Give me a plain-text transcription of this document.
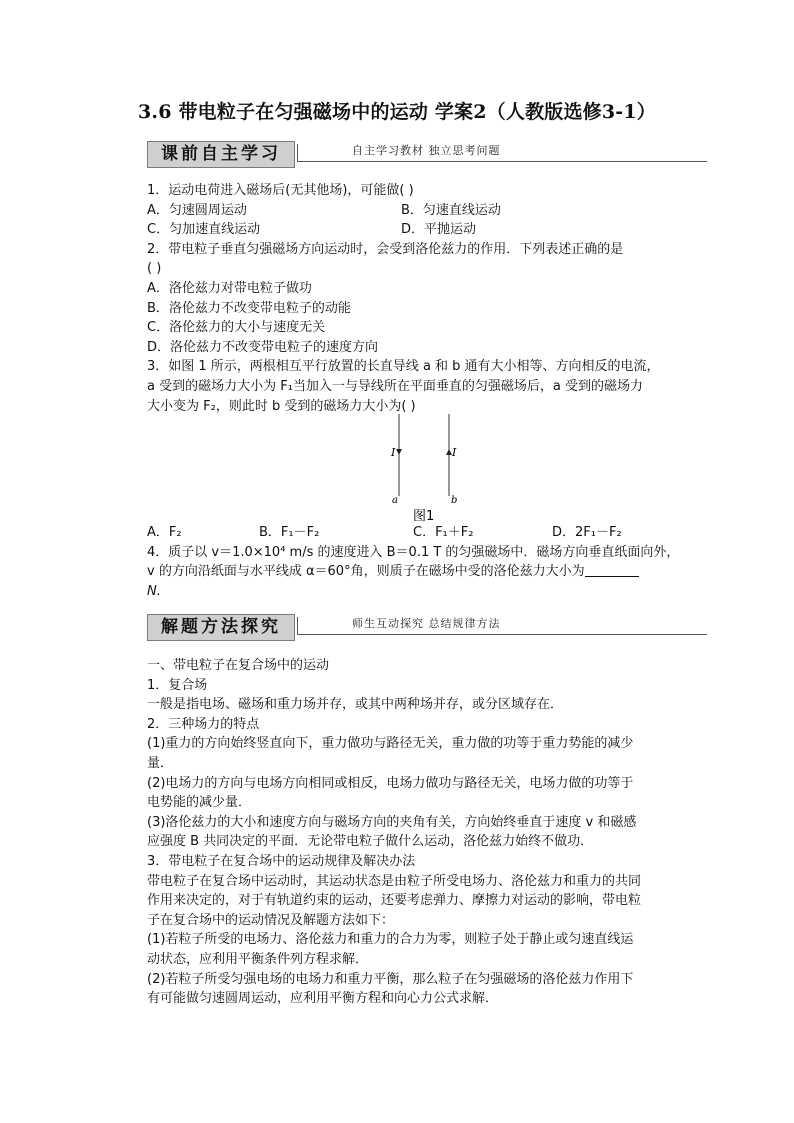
3.6 带电粒子在匀强磁场中的运动 学案2（人教版选修3-1）
课前自主学习	自主学习教材 独立思考问题
1．运动电荷进入磁场后(无其他场)，可能做( )
A．匀速圆周运动	B．匀速直线运动
C．匀加速直线运动	D．平抛运动
2．带电粒子垂直匀强磁场方向运动时，会受到洛伦兹力的作用．下列表述正确的是
( )
A．洛伦兹力对带电粒子做功
B．洛伦兹力不改变带电粒子的动能
C．洛伦兹力的大小与速度无关
D．洛伦兹力不改变带电粒子的速度方向
3．如图 1 所示，两根相互平行放置的长直导线 a 和 b 通有大小相等、方向相反的电流，
a 受到的磁场力大小为 F₁当加入一与导线所在平面垂直的匀强磁场后，a 受到的磁场力
大小变为 F₂，则此时 b 受到的磁场力大小为( )
I
a
I
b
图1
A．F₂	B．F₁－F₂	C．F₁＋F₂	D．2F₁－F₂
4．质子以 v＝1.0×10⁴ m/s 的速度进入 B＝0.1 T 的匀强磁场中．磁场方向垂直纸面向外，
v 的方向沿纸面与水平线成 α＝60°角，则质子在磁场中受的洛伦兹力大小为
N.
解题方法探究	师生互动探究 总结规律方法
一、带电粒子在复合场中的运动
1．复合场
一般是指电场、磁场和重力场并存，或其中两种场并存，或分区域存在．
2．三种场力的特点
(1)重力的方向始终竖直向下，重力做功与路径无关，重力做的功等于重力势能的减少
量．
(2)电场力的方向与电场方向相同或相反，电场力做功与路径无关，电场力做的功等于
电势能的减少量．
(3)洛伦兹力的大小和速度方向与磁场方向的夹角有关，方向始终垂直于速度 v 和磁感
应强度 B 共同决定的平面．无论带电粒子做什么运动，洛伦兹力始终不做功．
3．带电粒子在复合场中的运动规律及解决办法
带电粒子在复合场中运动时，其运动状态是由粒子所受电场力、洛伦兹力和重力的共同
作用来决定的，对于有轨道约束的运动，还要考虑弹力、摩擦力对运动的影响，带电粒
子在复合场中的运动情况及解题方法如下：
(1)若粒子所受的电场力、洛伦兹力和重力的合力为零，则粒子处于静止或匀速直线运
动状态，应利用平衡条件列方程求解．
(2)若粒子所受匀强电场的电场力和重力平衡，那么粒子在匀强磁场的洛伦兹力作用下
有可能做匀速圆周运动，应利用平衡方程和向心力公式求解．
